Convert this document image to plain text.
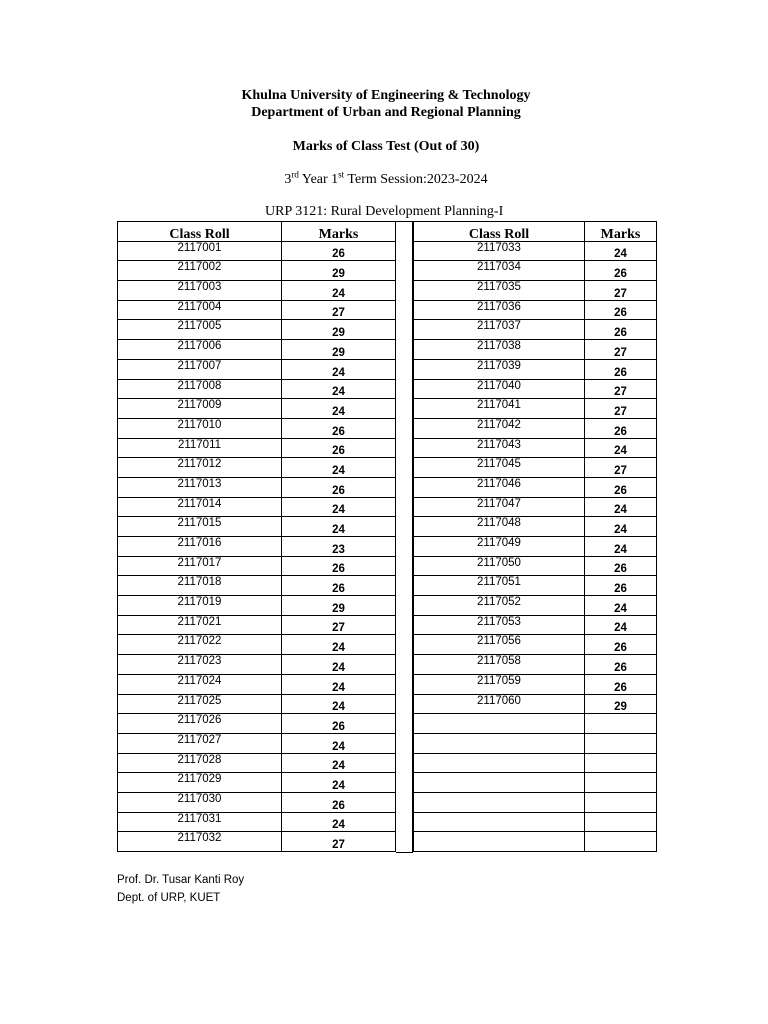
Khulna University of Engineering & Technology
Department of Urban and Regional Planning
Marks of Class Test (Out of 30)
3rd Year 1st Term Session:2023-2024
URP 3121: Rural Development Planning-I
Class Roll	Marks
2117001	26
2117002	29
2117003	24
2117004	27
2117005	29
2117006	29
2117007	24
2117008	24
2117009	24
2117010	26
2117011	26
2117012	24
2117013	26
2117014	24
2117015	24
2117016	23
2117017	26
2117018	26
2117019	29
2117021	27
2117022	24
2117023	24
2117024	24
2117025	24
2117026	26
2117027	24
2117028	24
2117029	24
2117030	26
2117031	24
2117032	27
Class Roll	Marks
2117033	24
2117034	26
2117035	27
2117036	26
2117037	26
2117038	27
2117039	26
2117040	27
2117041	27
2117042	26
2117043	24
2117045	27
2117046	26
2117047	24
2117048	24
2117049	24
2117050	26
2117051	26
2117052	24
2117053	24
2117056	26
2117058	26
2117059	26
2117060	29

Prof. Dr. Tusar Kanti Roy
Dept. of URP, KUET
